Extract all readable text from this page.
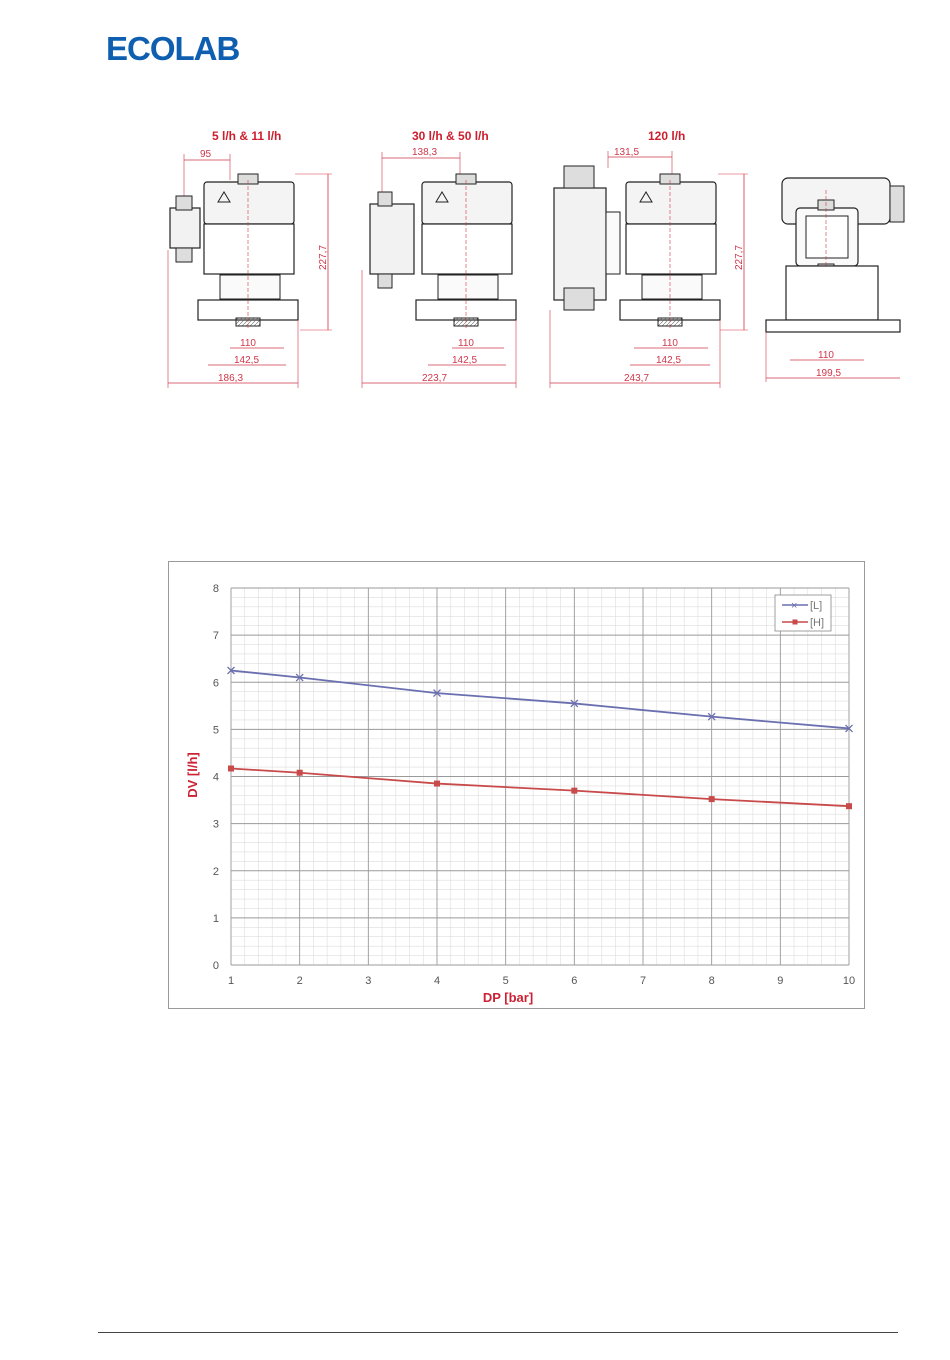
ECOLAB
5 l/h & 11 l/h
95
227,7
110
142,5
186,3
30 l/h & 50 l/h
138,3
110
142,5
223,7
120 l/h
131,5
227,7
110
142,5
243,7
110
199,5
1	2	3	4	5	6	7	8	9	10
0
1
2
3
4
5
6
7
8
× [L]
[H]
DP [bar]
DV [l/h]
